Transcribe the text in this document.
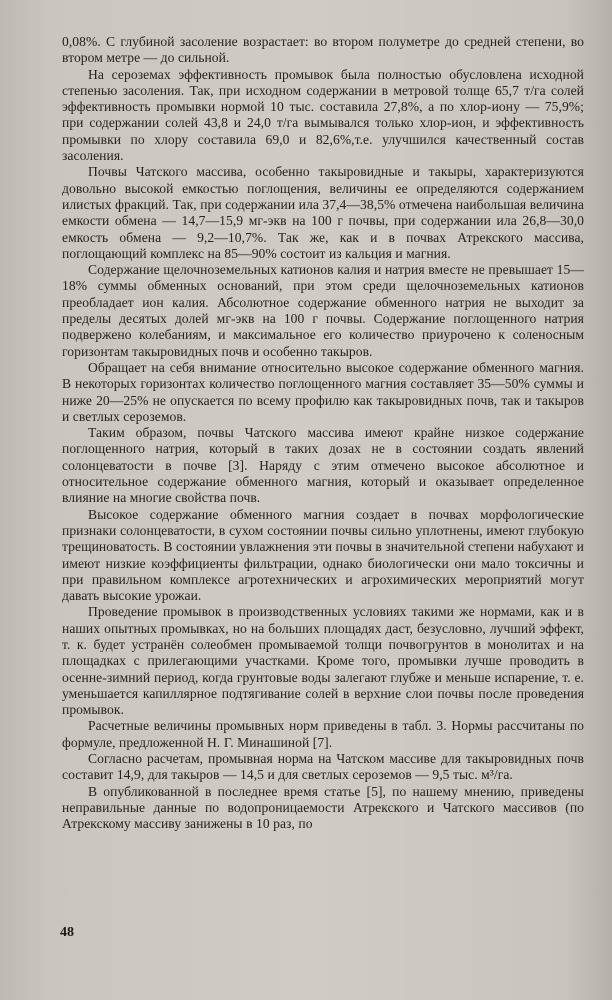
0,08%. С глубиной засоление возрастает: во втором полуметре до средней степени, во втором метре — до сильной.

На сероземах эффективность промывок была полностью обусловлена исходной степенью засоления. Так, при исходном содержании в метровой толще 65,7 т/га солей эффективность промывки нормой 10 тыс. составила 27,8%, а по хлор-иону — 75,9%; при содержании солей 43,8 и 24,0 т/га вымывался только хлор-ион, и эффективность промывки по хлору составила 69,0 и 82,6%,т.е. улучшился качественный состав засоления.

Почвы Чатского массива, особенно такыровидные и такыры, характеризуются довольно высокой емкостью поглощения, величины ее определяются содержанием илистых фракций. Так, при содержании ила 37,4—38,5% отмечена наибольшая величина емкости обмена — 14,7—15,9 мг-экв на 100 г почвы, при содержании ила 26,8—30,0 емкость обмена — 9,2—10,7%. Так же, как и в почвах Атрекского массива, поглощающий комплекс на 85—90% состоит из кальция и магния.

Содержание щелочноземельных катионов калия и натрия вместе не превышает 15—18% суммы обменных оснований, при этом среди щелочноземельных катионов преобладает ион калия. Абсолютное содержание обменного натрия не выходит за пределы десятых долей мг-экв на 100 г почвы. Содержание поглощенного натрия подвержено колебаниям, и максимальное его количество приурочено к соленосным горизонтам такыровидных почв и особенно такыров.

Обращает на себя внимание относительно высокое содержание обменного магния. В некоторых горизонтах количество поглощенного магния составляет 35—50% суммы и ниже 20—25% не опускается по всему профилю как такыровидных почв, так и такыров и светлых сероземов.

Таким образом, почвы Чатского массива имеют крайне низкое содержание поглощенного натрия, который в таких дозах не в состоянии создать явлений солонцеватости в почве [3]. Наряду с этим отмечено высокое абсолютное и относительное содержание обменного магния, который и оказывает определенное влияние на многие свойства почв.

Высокое содержание обменного магния создает в почвах морфологические признаки солонцеватости, в сухом состоянии почвы сильно уплотнены, имеют глубокую трещиноватость. В состоянии увлажнения эти почвы в значительной степени набухают и имеют низкие коэффициенты фильтрации, однако биологически они мало токсичны и при правильном комплексе агротехнических и агрохимических мероприятий могут давать высокие урожаи.

Проведение промывок в производственных условиях такими же нормами, как и в наших опытных промывках, но на больших площадях даст, безусловно, лучший эффект, т. к. будет устранён солеобмен промываемой толщи почвогрунтов в монолитах и на площадках с прилегающими участками. Кроме того, промывки лучше проводить в осенне-зимний период, когда грунтовые воды залегают глубже и меньше испарение, т. е. уменьшается капиллярное подтягивание солей в верхние слои почвы после проведения промывок.

Расчетные величины промывных норм приведены в табл. 3. Нормы рассчитаны по формуле, предложенной Н. Г. Минашиной [7].

Согласно расчетам, промывная норма на Чатском массиве для такыровидных почв составит 14,9, для такыров — 14,5 и для светлых сероземов — 9,5 тыс. м³/га.

В опубликованной в последнее время статье [5], по нашему мнению, приведены неправильные данные по водопроницаемости Атрекского и Чатского массивов (по Атрекскому массиву занижены в 10 раз, по

48
